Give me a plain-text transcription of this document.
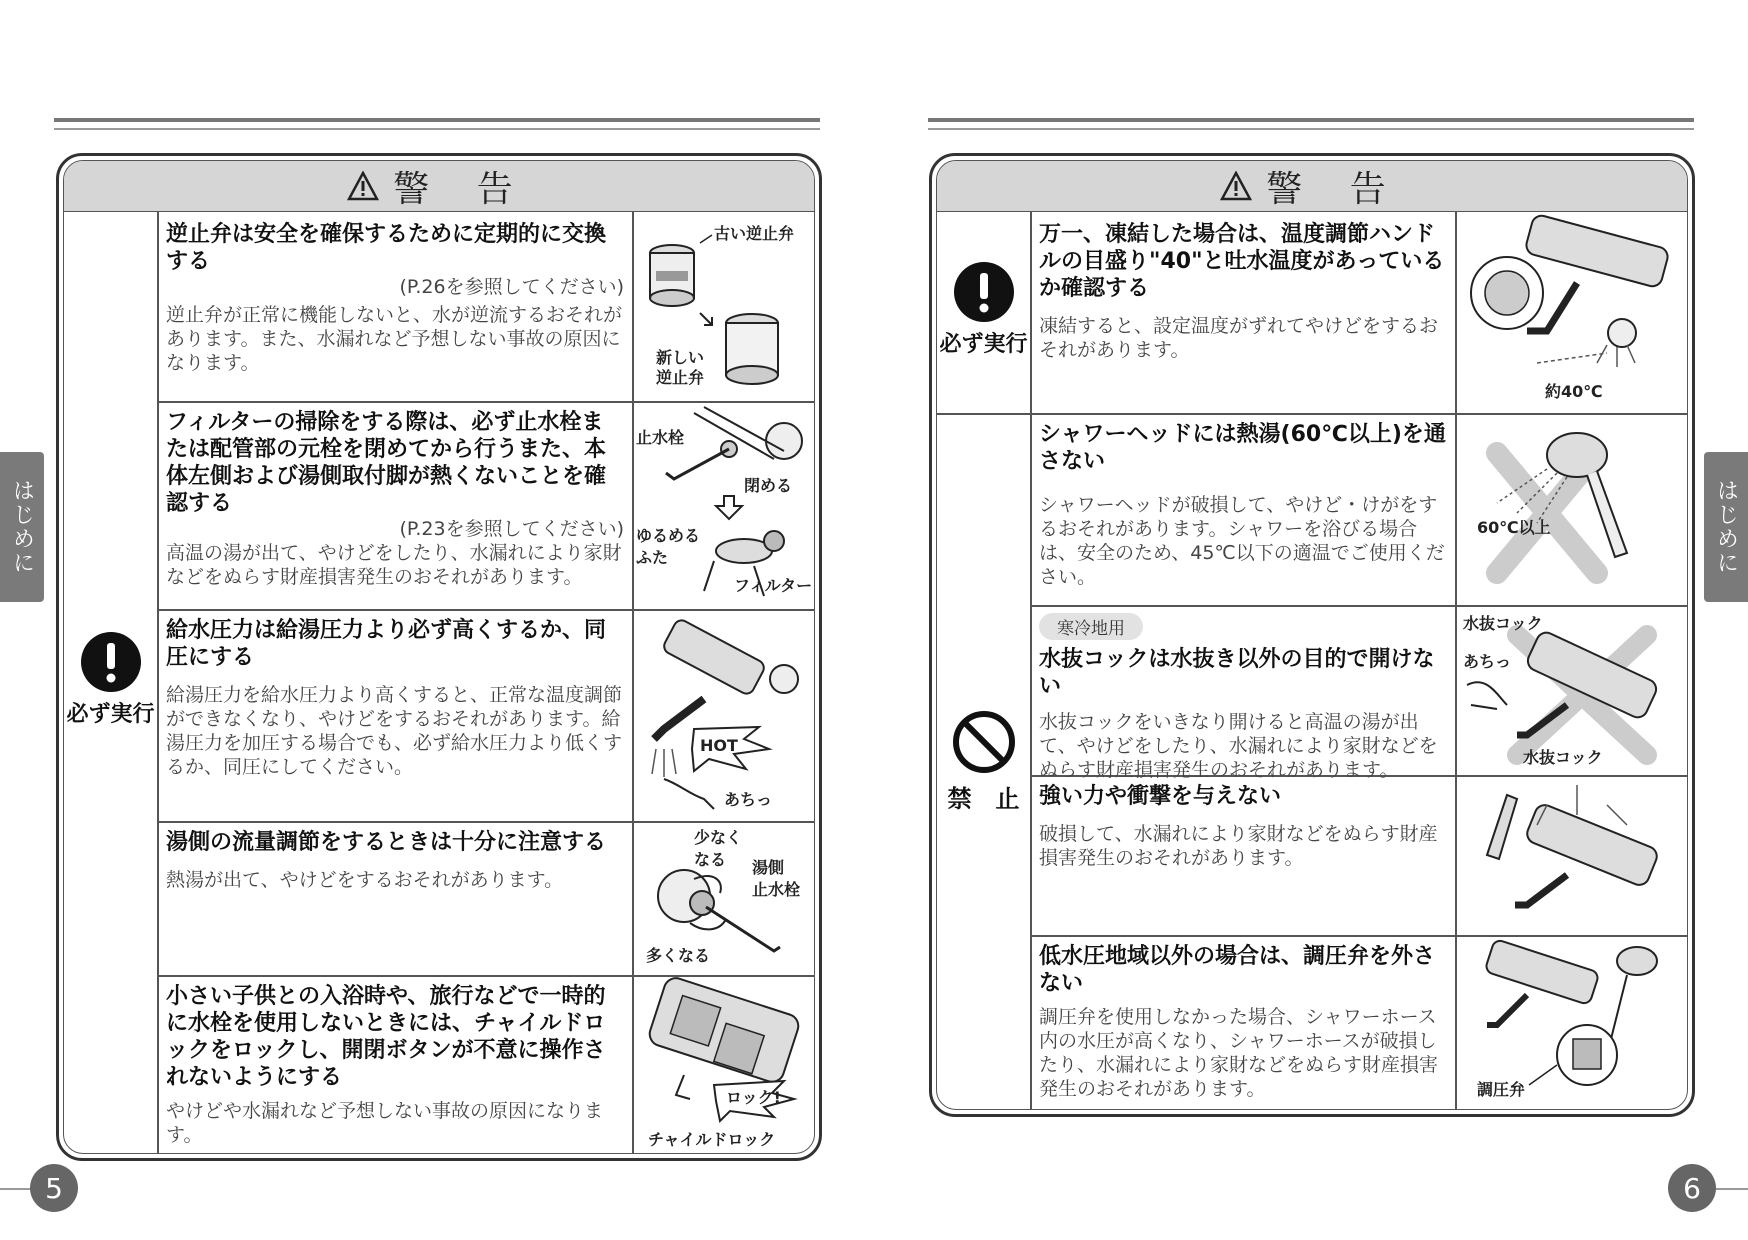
はじめに	はじめに
警 告
必ず実行

逆止弁は安全を確保するために定期的に交換する

(P.26を参照してください)
逆止弁が正常に機能しないと、水が逆流するおそれがあります。また、水漏れなど予想しない事故の原因になります。
古い逆止弁
新しい
逆止弁

フィルターの掃除をする際は、必ず止水栓または配管部の元栓を閉めてから行うまた、本体左側および湯側取付脚が熱くないことを確認する

(P.23を参照してください)
高温の湯が出て、やけどをしたり、水漏れにより家財などをぬらす財産損害発生のおそれがあります。
止水栓
閉める
ゆるめる
ふた
フィルター

給水圧力は給湯圧力より必ず高くするか、同圧にする

給湯圧力を給水圧力より高くすると、正常な温度調節ができなくなり、やけどをするおそれがあります。給湯圧力を加圧する場合でも、必ず給水圧力より低くするか、同圧にしてください。
HOT
あちっ

湯側の流量調節をするときは十分に注意する

熱湯が出て、やけどをするおそれがあります。
少なく
なる 湯側
止水栓
多くなる

小さい子供との入浴時や、旅行などで一時的に水栓を使用しないときには、チャイルドロックをロックし、開閉ボタンが不意に操作されないようにする

やけどや水漏れなど予想しない事故の原因になります。
ロック!
チャイルドロック
警 告
必ず実行
禁　止

万一、凍結した場合は、温度調節ハンドルの目盛り"40"と吐水温度があっているか確認する

凍結すると、設定温度がずれてやけどをするおそれがあります。
約40℃

シャワーヘッドには熱湯(60℃以上)を通さない

シャワーヘッドが破損して、やけど・けがをするおそれがあります。シャワーを浴びる場合は、安全のため、45℃以下の適温でご使用ください。
60℃以上
寒冷地用

水抜コックは水抜き以外の目的で開けない

水抜コックをいきなり開けると高温の湯が出て、やけどをしたり、水漏れにより家財などをぬらす財産損害発生のおそれがあります。
水抜コック
あちっ
水抜コック

強い力や衝撃を与えない

破損して、水漏れにより家財などをぬらす財産損害発生のおそれがあります。

低水圧地域以外の場合は、調圧弁を外さない

調圧弁を使用しなかった場合、シャワーホース内の水圧が高くなり、シャワーホースが破損したり、水漏れにより家財などをぬらす財産損害発生のおそれがあります。	調圧弁
5	6
